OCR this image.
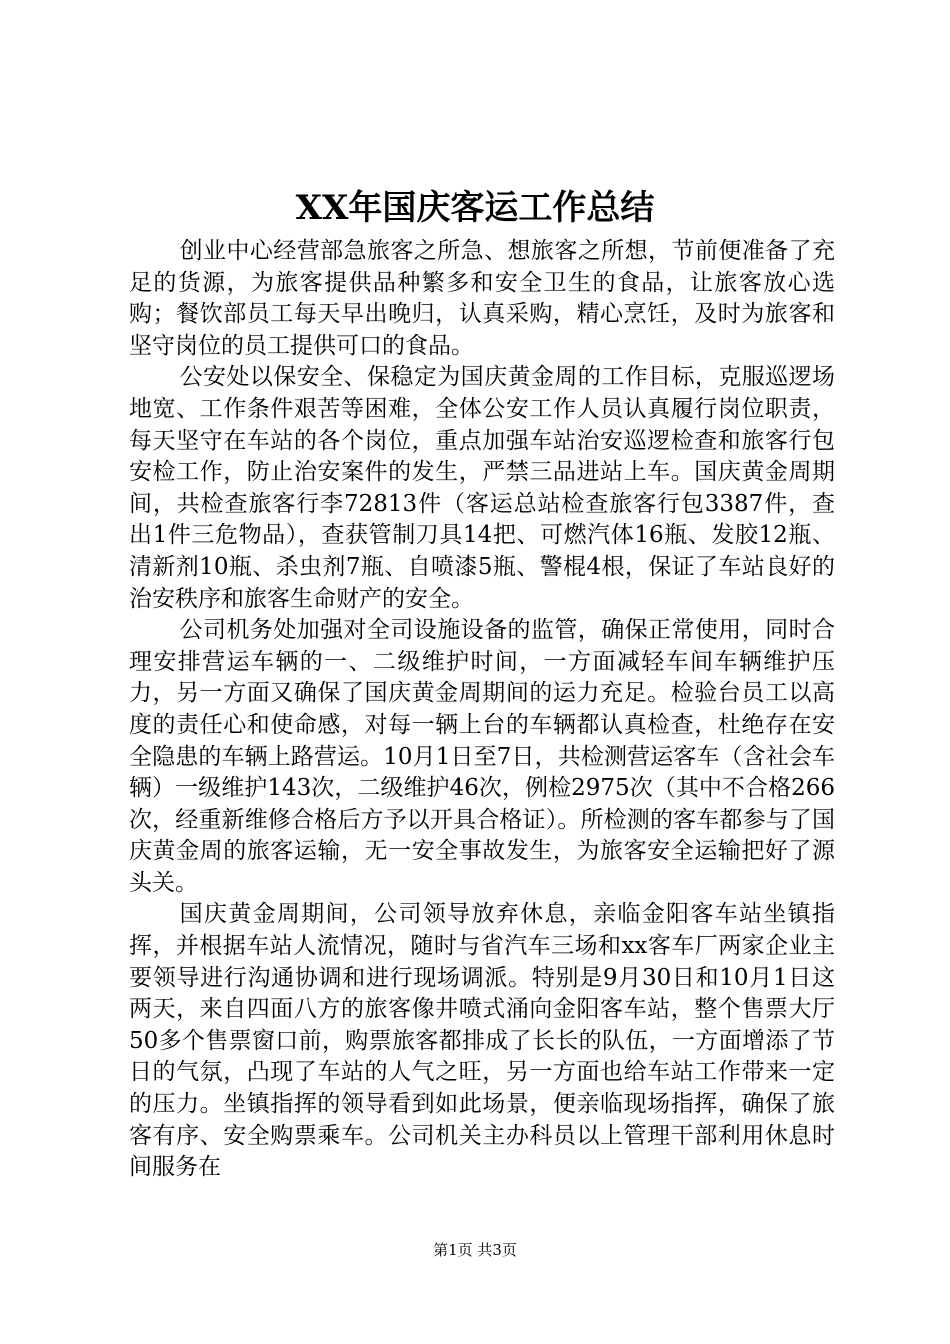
XX年国庆客运工作总结

创业中心经营部急旅客之所急、想旅客之所想，节前便准备了充足的货源，为旅客提供品种繁多和安全卫生的食品，让旅客放心选购；餐饮部员工每天早出晚归，认真采购，精心烹饪，及时为旅客和坚守岗位的员工提供可口的食品。

公安处以保安全、保稳定为国庆黄金周的工作目标，克服巡逻场地宽、工作条件艰苦等困难，全体公安工作人员认真履行岗位职责，每天坚守在车站的各个岗位，重点加强车站治安巡逻检查和旅客行包安检工作，防止治安案件的发生，严禁三品进站上车。国庆黄金周期间，共检查旅客行李72813件（客运总站检查旅客行包3387件，查出1件三危物品），查获管制刀具14把、可燃汽体16瓶、发胶12瓶、清新剂10瓶、杀虫剂7瓶、自喷漆5瓶、警棍4根，保证了车站良好的治安秩序和旅客生命财产的安全。

公司机务处加强对全司设施设备的监管，确保正常使用，同时合理安排营运车辆的一、二级维护时间，一方面减轻车间车辆维护压力，另一方面又确保了国庆黄金周期间的运力充足。检验台员工以高度的责任心和使命感，对每一辆上台的车辆都认真检查，杜绝存在安全隐患的车辆上路营运。10月1日至7日，共检测营运客车（含社会车辆）一级维护143次，二级维护46次，例检2975次（其中不合格266次，经重新维修合格后方予以开具合格证）。所检测的客车都参与了国庆黄金周的旅客运输，无一安全事故发生，为旅客安全运输把好了源头关。

国庆黄金周期间，公司领导放弃休息，亲临金阳客车站坐镇指挥，并根据车站人流情况，随时与省汽车三场和xx客车厂两家企业主要领导进行沟通协调和进行现场调派。特别是9月30日和10月1日这两天，来自四面八方的旅客像井喷式涌向金阳客车站，整个售票大厅50多个售票窗口前，购票旅客都排成了长长的队伍，一方面增添了节日的气氛，凸现了车站的人气之旺，另一方面也给车站工作带来一定的压力。坐镇指挥的领导看到如此场景，便亲临现场指挥，确保了旅客有序、安全购票乘车。公司机关主办科员以上管理干部利用休息时间服务在

第1页 共3页
